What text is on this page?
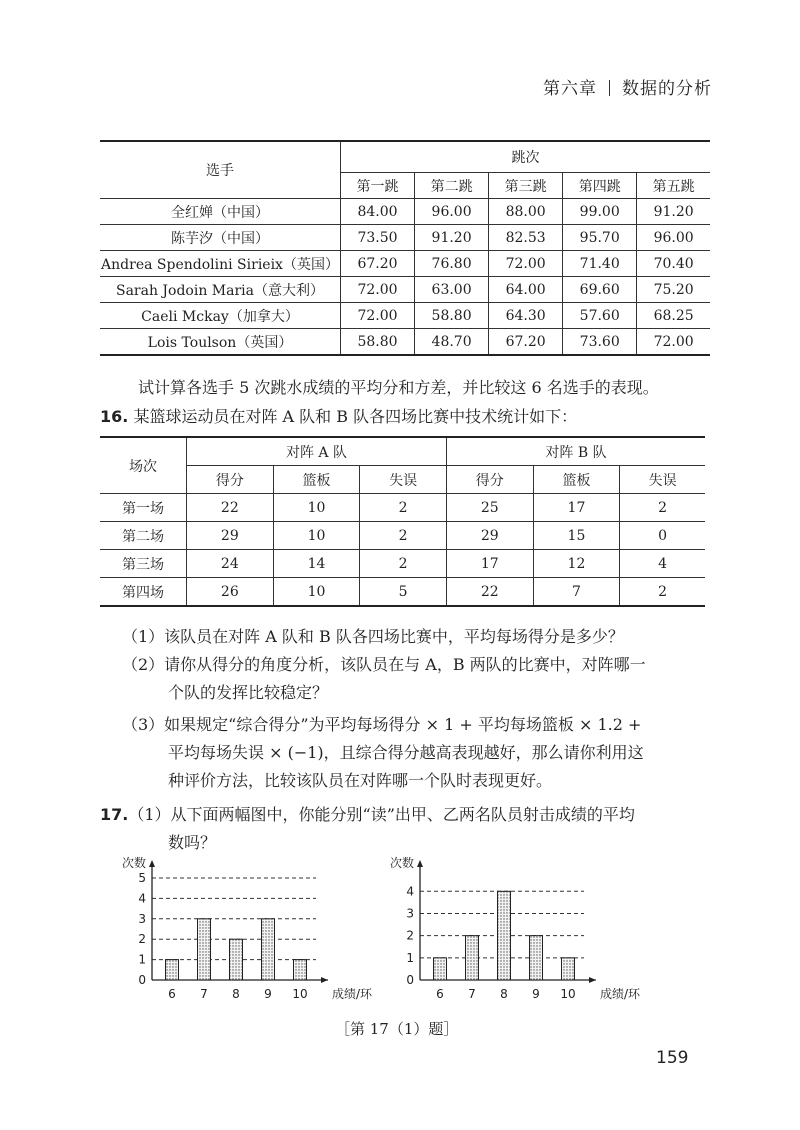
第六章 数据的分析
选手	跳次				
	第一跳	第二跳	第三跳	第四跳	第五跳
全红婵（中国）	84.00	96.00	88.00	99.00	91.20
陈芋汐（中国）	73.50	91.20	82.53	95.70	96.00
Andrea Spendolini Sirieix（英国）	67.20	76.80	72.00	71.40	70.40
Sarah Jodoin Maria（意大利）	72.00	63.00	64.00	69.60	75.20
Caeli Mckay（加拿大）	72.00	58.80	64.30	57.60	68.25
Lois Toulson（英国）	58.80	48.70	67.20	73.60	72.00
试计算各选手 5 次跳水成绩的平均分和方差，并比较这 6 名选手的表现。
16. 某篮球运动员在对阵 A 队和 B 队各四场比赛中技术统计如下：
场次	对阵 A 队			对阵 B 队		
	得分	篮板	失误	得分	篮板	失误
第一场	22	10	2	25	17	2
第二场	29	10	2	29	15	0
第三场	24	14	2	17	12	4
第四场	26	10	5	22	7	2
（1）该队员在对阵 A 队和 B 队各四场比赛中，平均每场得分是多少？
（2）请你从得分的角度分析，该队员在与 A，B 两队的比赛中，对阵哪一
个队的发挥比较稳定？
（3）如果规定“综合得分”为平均每场得分 × 1 + 平均每场篮板 × 1.2 +
平均每场失误 × (−1)，且综合得分越高表现越好，那么请你利用这
种评价方法，比较该队员在对阵哪一个队时表现更好。
17.（1）从下面两幅图中，你能分别“读”出甲、乙两名队员射击成绩的平均
数吗？
0
1
2
3
4
5
次数
成绩/环
6 7 8 9 10
0
1
2
3
4
次数
成绩/环
6 7 8 9 10
［第 17（1）题］
159
